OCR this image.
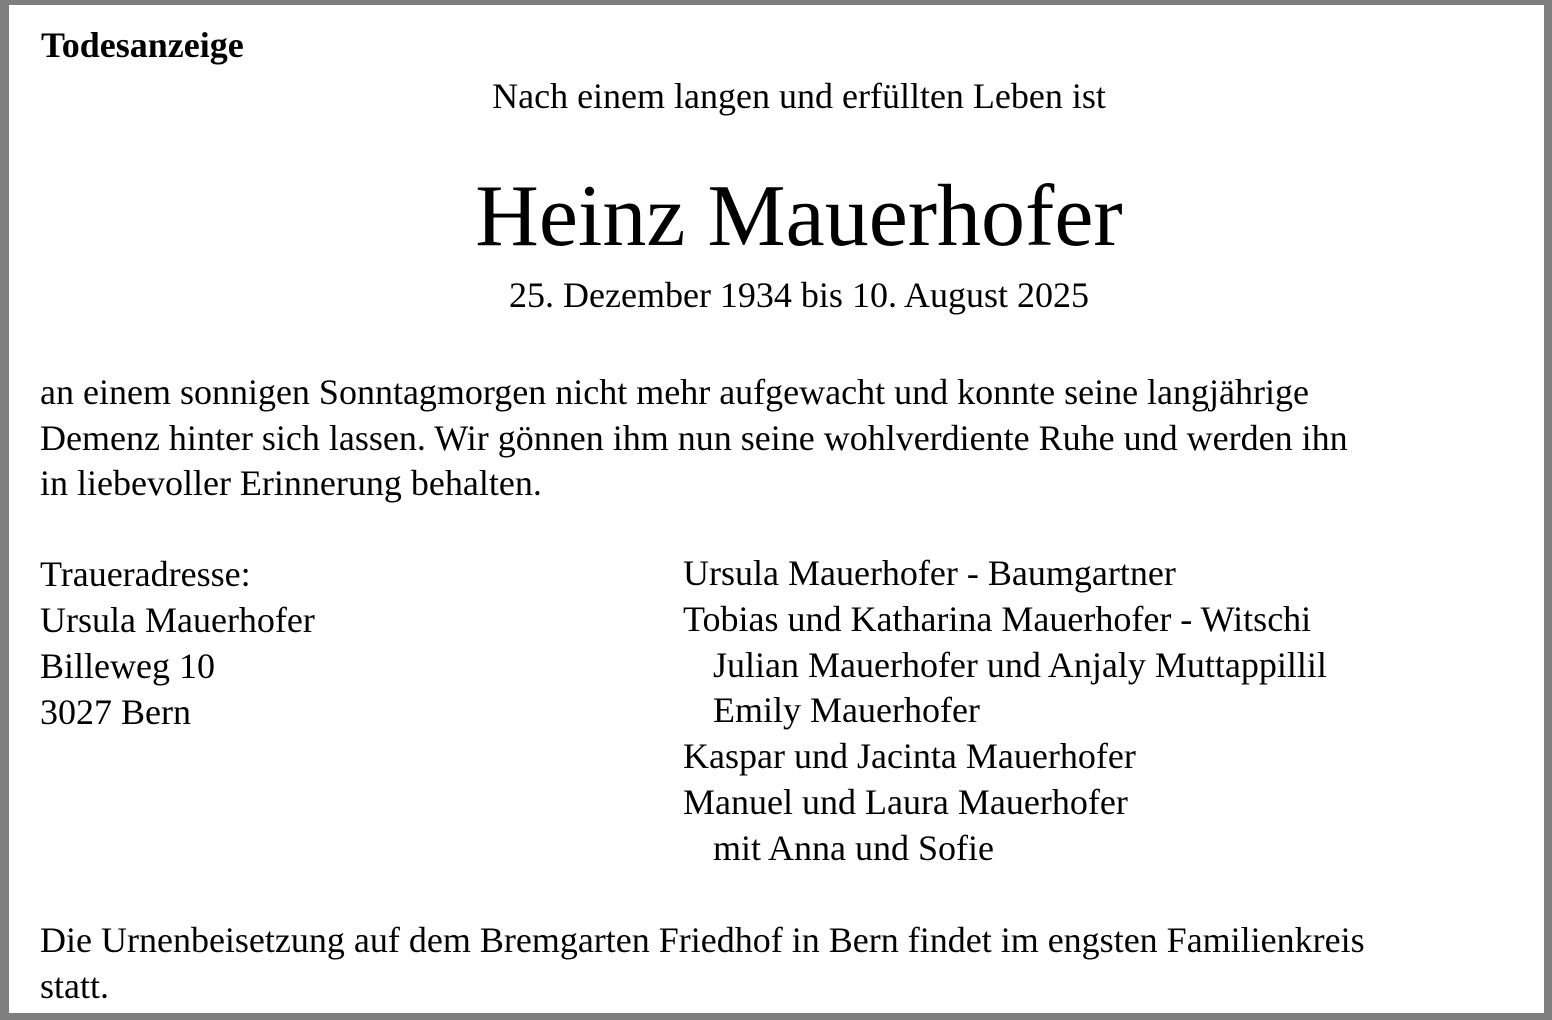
Todesanzeige
Nach einem langen und erfüllten Leben ist
Heinz Mauerhofer
25. Dezember 1934 bis 10. August 2025
an einem sonnigen Sonntagmorgen nicht mehr aufgewacht und konnte seine langjährige
Demenz hinter sich lassen. Wir gönnen ihm nun seine wohlverdiente Ruhe und werden ihn
in liebevoller Erinnerung behalten.
Traueradresse:
Ursula Mauerhofer
Billeweg 10
3027 Bern
Ursula Mauerhofer - Baumgartner
Tobias und Katharina Mauerhofer - Witschi
Julian Mauerhofer und Anjaly Muttappillil
Emily Mauerhofer
Kaspar und Jacinta Mauerhofer
Manuel und Laura Mauerhofer
mit Anna und Sofie
Die Urnenbeisetzung auf dem Bremgarten Friedhof in Bern findet im engsten Familienkreis
statt.
